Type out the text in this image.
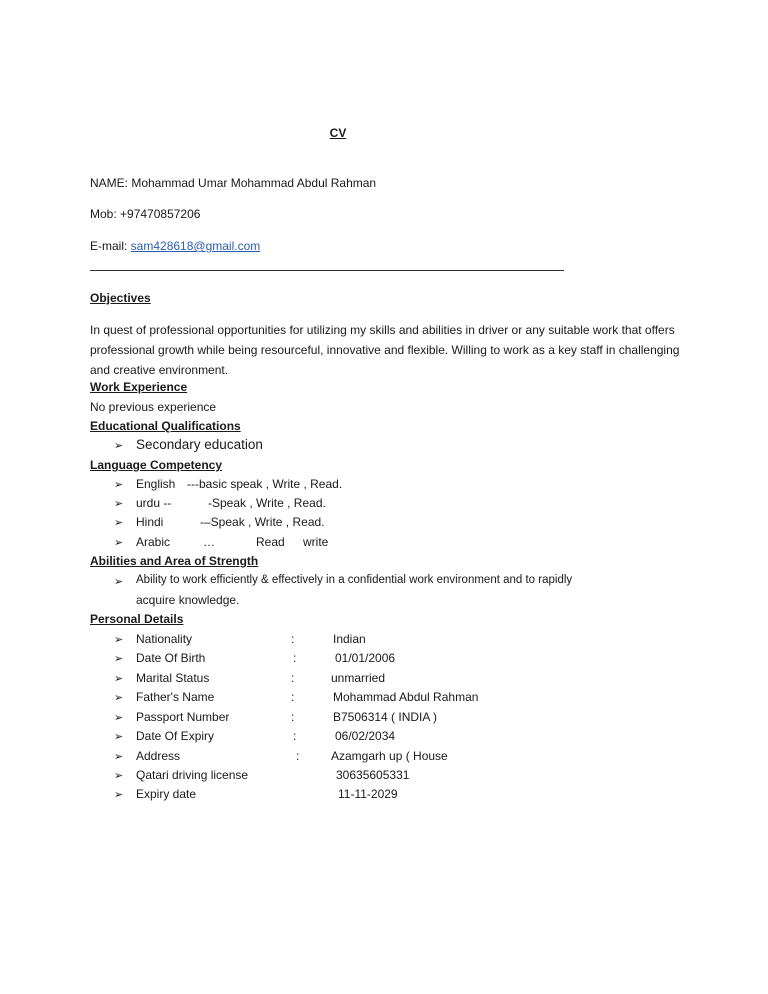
CV
NAME: Mohammad Umar Mohammad Abdul Rahman
Mob: +97470857206
E-mail: sam428618@gmail.com
Objectives
In quest of professional opportunities for utilizing my skills and abilities in driver or any suitable work that offers professional growth while being resourceful, innovative and flexible. Willing to work as a key staff in challenging and creative environment.
Work Experience
No previous experience
Educational Qualifications
➢ Secondary education
Language Competency
➢ English ---basic speak , Write , Read.
➢ urdu --	-Speak , Write , Read.
➢ Hindi	-–Speak , Write , Read.
➢ Arabic	…	Read write
Abilities and Area of Strength
➢ Ability to work efficiently & effectively in a confidential work environment and to rapidly
acquire knowledge.
Personal Details
➢ Nationality	:	Indian
➢ Date Of Birth	:	01/01/2006
➢ Marital Status	:	unmarried
➢ Father's Name	:	Mohammad Abdul Rahman
➢ Passport Number	:	B7506314 ( INDIA )
➢ Date Of Expiry	:	06/02/2034
➢ Address	:	Azamgarh up ( House
➢ Qatari driving license	30635605331
➢ Expiry date	11-11-2029
